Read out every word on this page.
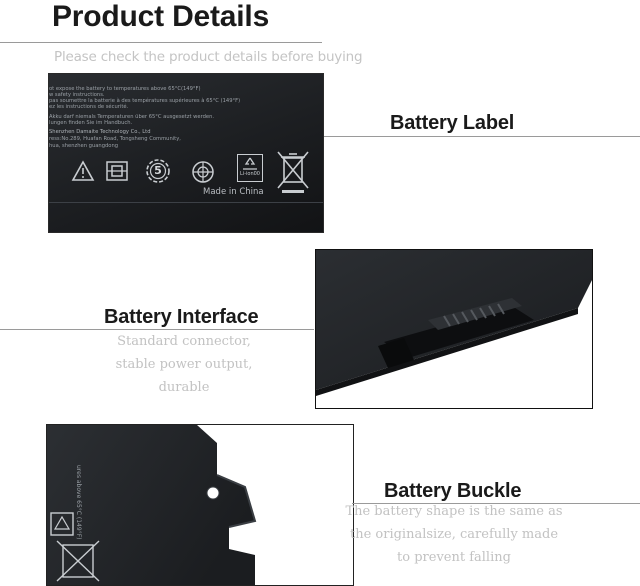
Product Details
Please check the product details before buying
ot expose the battery to temperatures above 65°C(149°F)
w safety instructions.
pas soumettre la batterie à des températures supérieures à 65°C (149°F)
ez les instructions de sécurité.
Akku darf niemals Temperaturen über 65°C ausgesetzt werden.
lungen finden Sie im Handbuch.
Shenzhen Damaite Technology Co., Ltd
ress:No.289, Huafan Road, Tongsheng Community,
hua, shenzhen guangdong
5	Li-ion00
Made in China
Battery Label
Battery Interface
Standard connector,
stable power output,
durable
ures above 65°C (149°F)	Battery Buckle
The battery shape is the same as
the originalsize, carefully made
to prevent falling
